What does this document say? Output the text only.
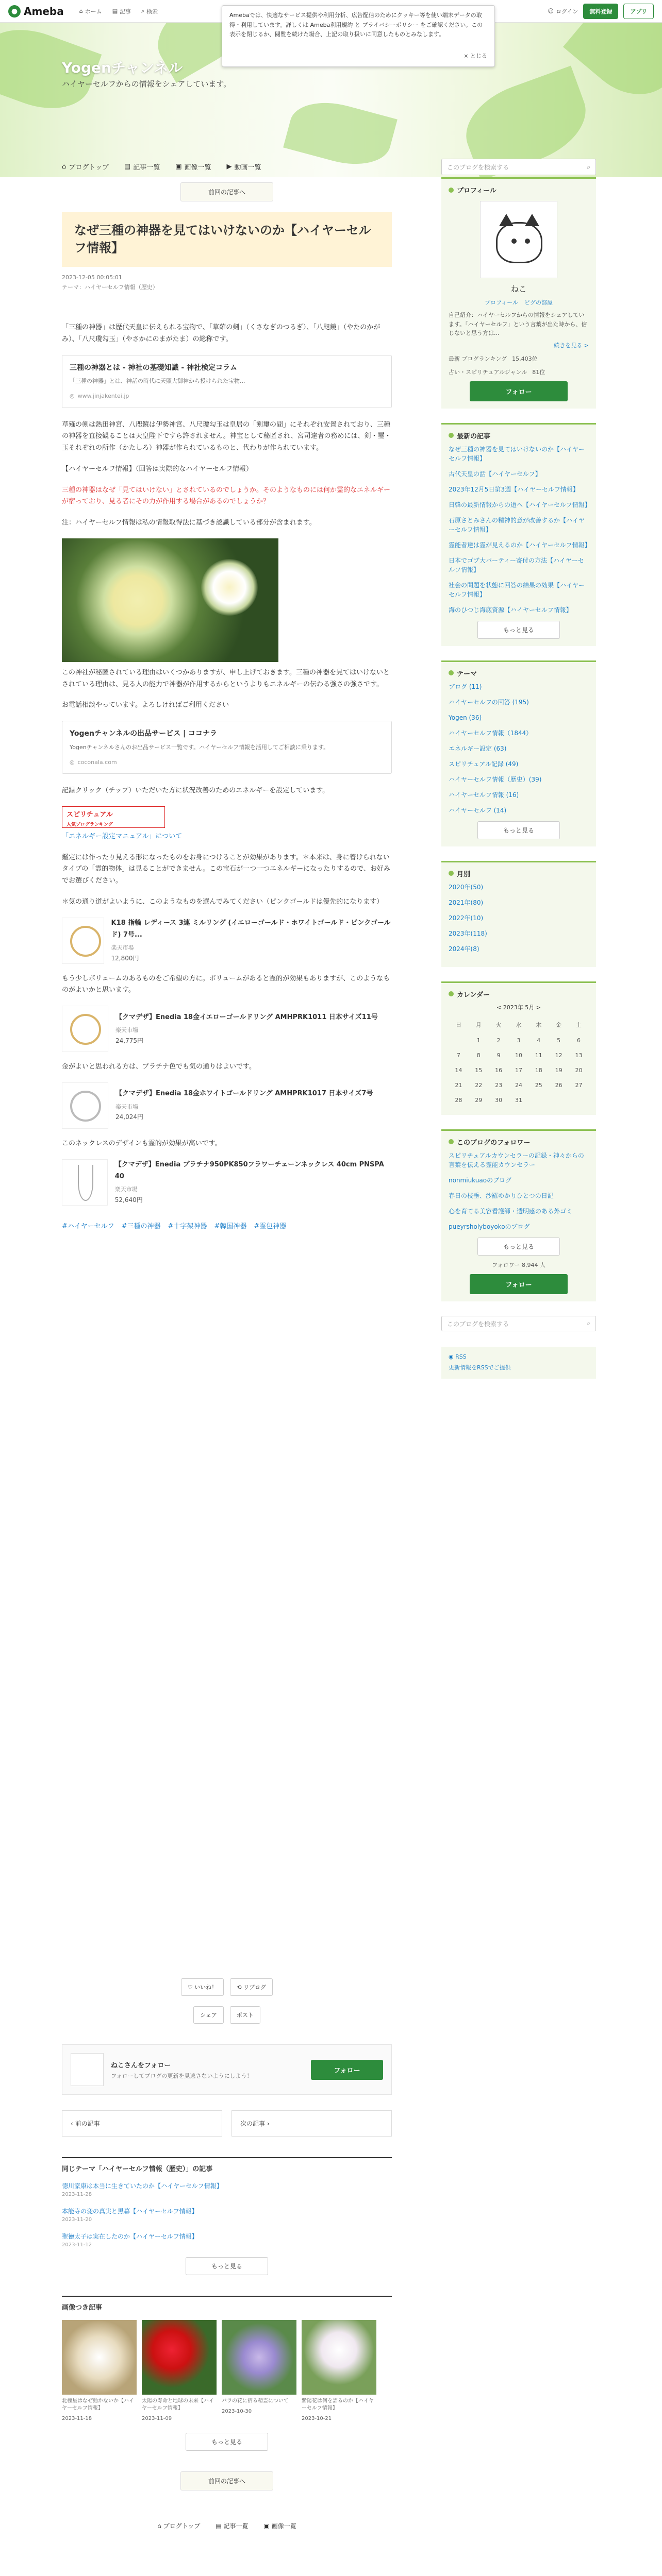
● Ameba	⌂ ホーム ▤ 記事 ⌕ 検索	☺ ログイン	無料登録	アプリ
Amebaでは、快適なサービス提供や利用分析、広告配信のためにクッキー等を使い端末データの取得・利用しています。詳しくは Ameba利用規約 と プライバシーポリシー をご確認ください。この表示を閉じるか、閲覧を続けた場合、上記の取り扱いに同意したものとみなします。
× とじる
Yogenチャンネル
ハイヤーセルフからの情報をシェアしています。
⌂ ブログトップ ▤ 記事一覧 ▣ 画像一覧 ▶ 動画一覧	このブログを検索する	⌕
前回の記事へ
なぜ三種の神器を見てはいけないのか【ハイヤーセルフ情報】
2023-12-05 00:05:01
テーマ：ハイヤーセルフ情報（歴史）

「三種の神器」は歴代天皇に伝えられる宝物で、「草薙の剣」（くさなぎのつるぎ）、「八咫鏡」（やたのかがみ）、「八尺瓊勾玉」（やさかにのまがたま）の総称です。

三種の神器とは - 神社の基礎知識 - 神社検定コラム
「三種の神器」とは、神話の時代に天照大御神から授けられた宝物...
◎ www.jinjakentei.jp

草薙の剣は熱田神宮、八咫鏡は伊勢神宮、八尺瓊勾玉は皇居の「剣璽の間」にそれぞれ安置されており、三種の神器を直接観ることは天皇陛下ですら許されません。神宝として秘匿され、宮司達者の務めには、剣・璽・玉それぞれの所作（かたしろ）神器が作られているものと、代わりが作られています。

【ハイヤーセルフ情報】（回答は実際的なハイヤーセルフ情報）

三種の神器はなぜ「見てはいけない」とされているのでしょうか。そのようなものには何か霊的なエネルギーが宿っており、見る者にその力が作用する場合があるのでしょうか？

注：ハイヤーセルフ情報は私の情報取得法に基づき認識している部分が含まれます。

この神社が秘匿されている理由はいくつかありますが、申し上げておきます。三種の神器を見てはいけないとされている理由は、見る人の能力で神器が作用するからというよりもエネルギーの伝わる強さの強さです。

お電話相談やっています。よろしければご利用ください

Yogenチャンネルの出品サービス | ココナラ
Yogenチャンネルさんのお出品サービス一覧です。ハイヤーセルフ情報を活用してご相談に乗ります。
◎ coconala.com

記録クリック（チップ）いただいた方に状況改善のためのエネルギーを設定しています。

スピリチュアル
人気ブログランキング

「エネルギー設定マニュアル」について

鑑定には作ったり見える形になったものをお身につけることが効果があります。＊本来は、身に着けられないタイプの「霊的物体」は見ることができません。この宝石が一つ一つエネルギーになったりするので、お好みでお選びください。

＊気の通り道がよいように、このようなものを選んでみてください（ピンクゴールドは優先的になります）

K18 指輪 レディース 3連 ミルリング (イエローゴールド・ホワイトゴールド・ピンクゴールド) 7号...
楽天市場
12,800円

もう少しボリュームのあるものをご希望の方に。ボリュームがあると霊的が効果もありますが、このようなものがよいかと思います。

【クマデザ】Enedia 18金イエローゴールドリング AMHPRK1011 日本サイズ11号
楽天市場
24,775円

金がよいと思われる方は、プラチナ色でも気の通りはよいです。

【クマデザ】Enedia 18金ホワイトゴールドリング AMHPRK1017 日本サイズ7号
楽天市場
24,024円

このネックレスのデザインも霊的が効果が高いです。

【クマデザ】Enedia プラチナ950PK850フラワーチェーンネックレス 40cm PNSPA 40
楽天市場
52,640円
#ハイヤーセルフ #三種の神器 #十字架神器 #韓国神器 #霊包神器
プロフィール
ねこ
プロフィール ピグの部屋
自己紹介：ハイヤーセルフからの情報をシェアしています。「ハイヤーセルフ」という言葉が出た時から、信じないと思う方は...
続きを見る >
最新 ブログランキング 15,403位
占い・スピリチュアルジャンル 81位
フォロー
最新の記事
なぜ三種の神器を見てはいけないのか【ハイヤーセルフ情報】
古代天皇の話【ハイヤーセルフ】
2023年12月5日第3週【ハイヤーセルフ情報】
日韓の最新情報からの道へ【ハイヤーセルフ情報】
石原さとみさんの精神的意が改善するか【ハイヤーセルフ情報】
霊能者達は霊が見えるのか【ハイヤーセルフ情報】
日本でゴブ大パーティー寄付の方法【ハイヤーセルフ情報】
社会の問題を状態に回答の結果の効果【ハイヤーセルフ情報】
海のひつじ海底資源【ハイヤーセルフ情報】
もっと見る
テーマ
ブログ (11)
ハイヤーセルフの回答 (195)
Yogen (36)
ハイヤーセルフ情報（1844）
エネルギー設定 (63)
スピリチュアル記録 (49)
ハイヤーセルフ情報（歴史）(39)
ハイヤーセルフ情報 (16)
ハイヤーセルフ (14)
もっと見る
月別
2020年(50)
2021年(80)
2022年(10)
2023年(118)
2024年(8)
カレンダー
< 2023年 5月 >
日	月	火	水	木	金	土
	1	2	3	4	5	6
7	8	9	10	11	12	13
14	15	16	17	18	19	20
21	22	23	24	25	26	27
28	29	30	31			
このブログのフォロワー
スピリチュアルカウンセラーの記録・神々からの言葉を伝える霊能カウンセラー
nonmiukuaoのブログ
春日の枝垂、沙羅ゆかりひとつの日記
心を育てる美容看護師・透明感のある外ゴミ
pueyrsholyboyokoのブログ
もっと見る
フォロワー 8,944 人
フォロー
このブログを検索する	⌕
◉ RSS
更新情報をRSSでご提供
♡ いいね！	⟲ リブログ
シェア	ポスト
ねこさんをフォロー
フォローしてブログの更新を見逃さないようにしよう！
フォロー
‹ 前の記事	次の記事 ›
同じテーマ「ハイヤーセルフ情報（歴史）」の記事
徳川家康は本当に生きていたのか【ハイヤーセルフ情報】
2023-11-28
本能寺の変の真実と黒幕【ハイヤーセルフ情報】
2023-11-20
聖徳太子は実在したのか【ハイヤーセルフ情報】
2023-11-12
もっと見る
画像つき記事
北極星はなぜ動かないか【ハイヤーセルフ情報】
2023-11-18
太陽の寿命と地球の未来【ハイヤーセルフ情報】
2023-11-09
バラの花に宿る精霊について
2023-10-30
紫陽花は何を語るのか【ハイヤーセルフ情報】
2023-10-21
もっと見る
前回の記事へ
⌂ ブログトップ	▤ 記事一覧	▣ 画像一覧
